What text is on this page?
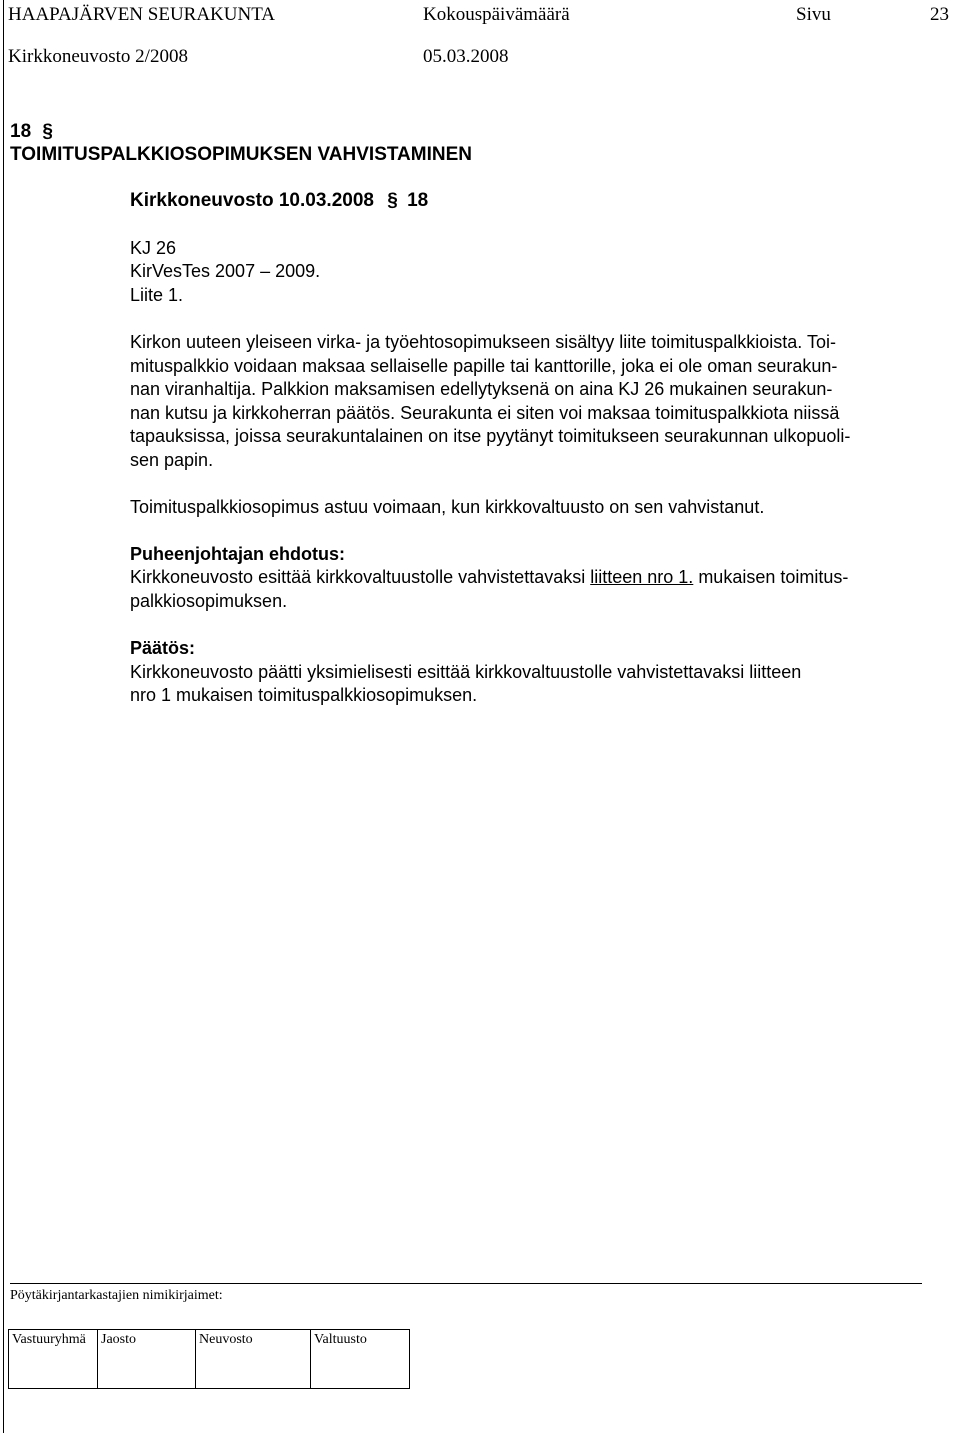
HAAPAJÄRVEN SEURAKUNTA	Kokouspäivämäärä	Sivu	23
Kirkkoneuvosto 2/2008	05.03.2008
18 §
TOIMITUSPALKKIOSOPIMUKSEN VAHVISTAMINEN
Kirkkoneuvosto 10.03.2008 § 18
KJ 26
KirVesTes 2007 – 2009.
Liite 1.
Kirkon uuteen yleiseen virka- ja työehtosopimukseen sisältyy liite toimituspalkkioista. Toi-
mituspalkkio voidaan maksaa sellaiselle papille tai kanttorille, joka ei ole oman seurakun-
nan viranhaltija. Palkkion maksamisen edellytyksenä on aina KJ 26 mukainen seurakun-
nan kutsu ja kirkkoherran päätös. Seurakunta ei siten voi maksaa toimituspalkkiota niissä
tapauksissa, joissa seurakuntalainen on itse pyytänyt toimitukseen seurakunnan ulkopuoli-
sen papin.
Toimituspalkkiosopimus astuu voimaan, kun kirkkovaltuusto on sen vahvistanut.
Puheenjohtajan ehdotus:
Kirkkoneuvosto esittää kirkkovaltuustolle vahvistettavaksi liitteen nro 1. mukaisen toimitus-
palkkiosopimuksen.
Päätös:
Kirkkoneuvosto päätti yksimielisesti esittää kirkkovaltuustolle vahvistettavaksi liitteen
nro 1 mukaisen toimituspalkkiosopimuksen.
Pöytäkirjantarkastajien nimikirjaimet:
Vastuuryhmä	Jaosto	Neuvosto	Valtuusto
